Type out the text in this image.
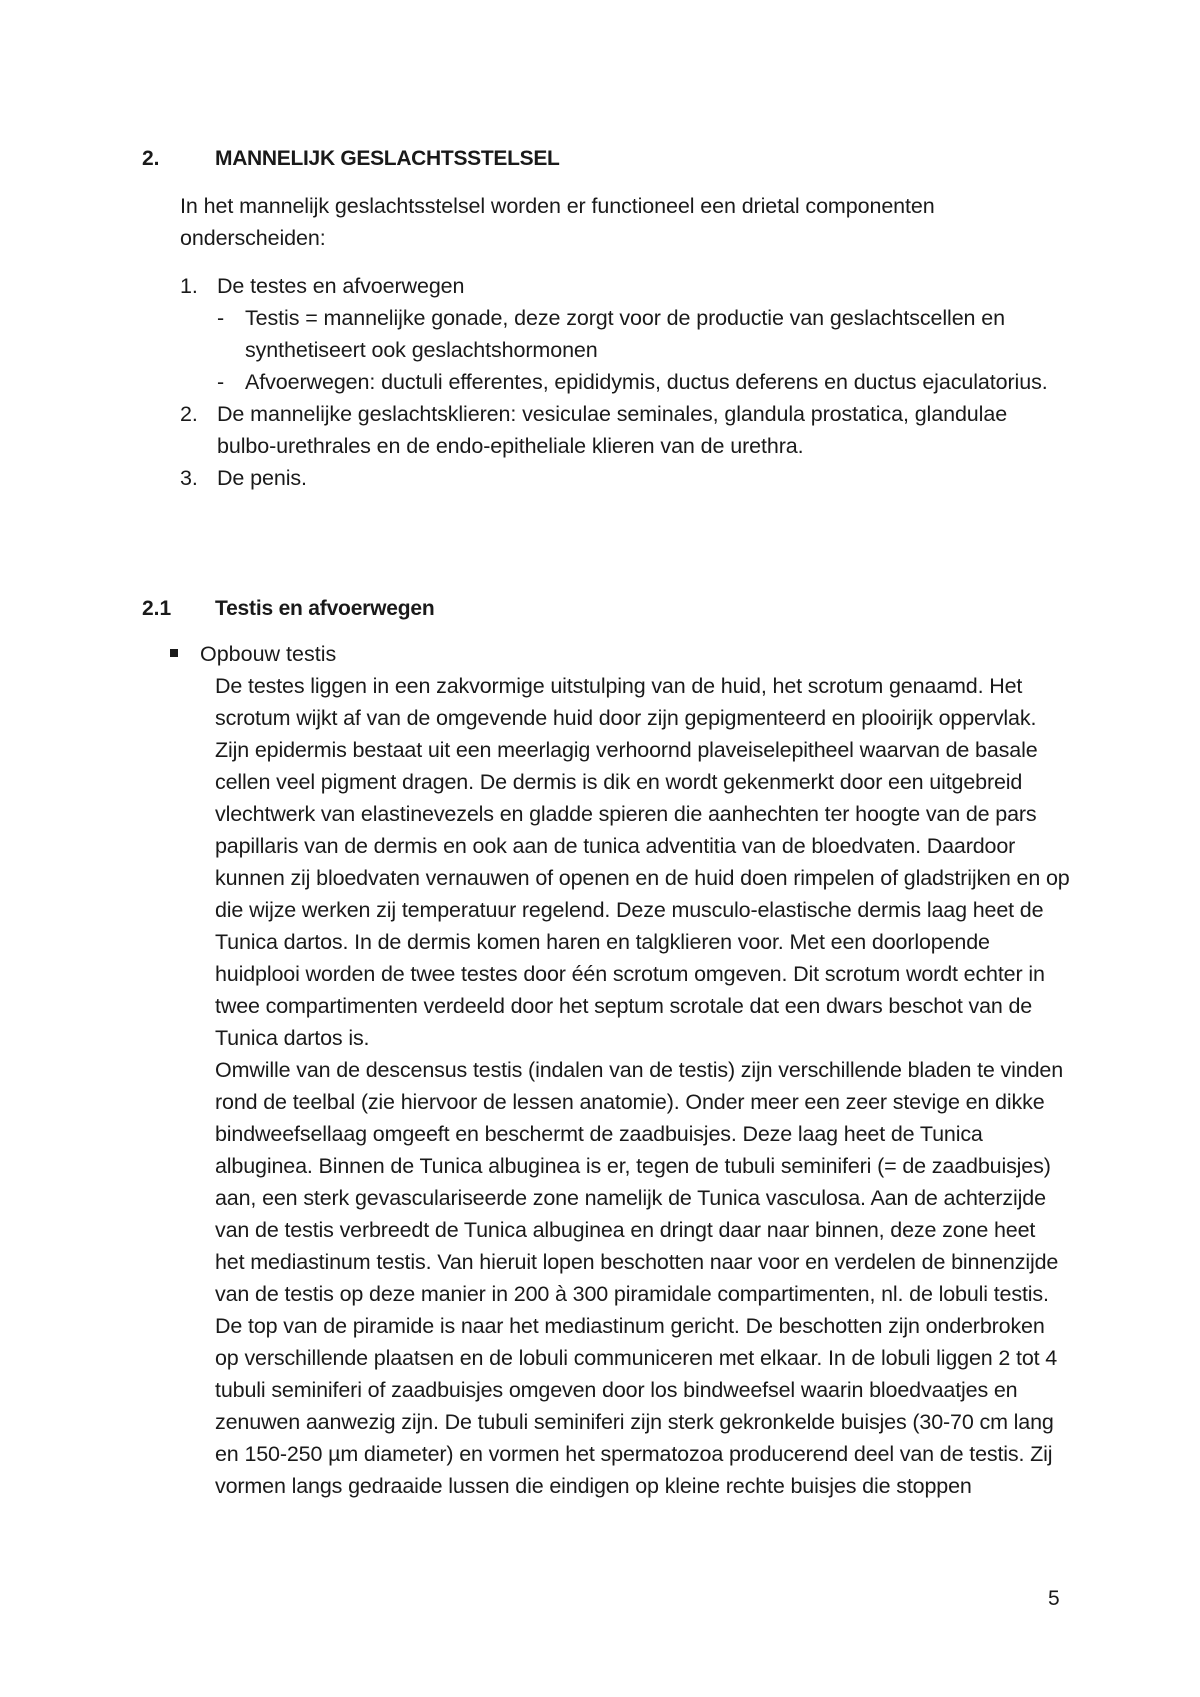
2.	MANNELIJK GESLACHTSSTELSEL
In het mannelijk geslachtsstelsel worden er functioneel een drietal componenten onderscheiden:
1. De testes en afvoerwegen
- Testis = mannelijke gonade, deze zorgt voor de productie van geslachtscellen en synthetiseert ook geslachtshormonen
- Afvoerwegen: ductuli efferentes, epididymis, ductus deferens en ductus ejaculatorius.
2. De mannelijke geslachtsklieren: vesiculae seminales, glandula prostatica, glandulae bulbo-urethrales en de endo-epitheliale klieren van de urethra.
3. De penis.
2.1 Testis en afvoerwegen
Opbouw testis

De testes liggen in een zakvormige uitstulping van de huid, het scrotum genaamd. Het scrotum wijkt af van de omgevende huid door zijn gepigmenteerd en plooirijk oppervlak. Zijn epidermis bestaat uit een meerlagig verhoornd plaveiselepitheel waarvan de basale cellen veel pigment dragen. De dermis is dik en wordt gekenmerkt door een uitgebreid vlechtwerk van elastinevezels en gladde spieren die aanhechten ter hoogte van de pars papillaris van de dermis en ook aan de tunica adventitia van de bloedvaten. Daardoor kunnen zij bloedvaten vernauwen of openen en de huid doen rimpelen of gladstrijken en op die wijze werken zij temperatuur regelend. Deze musculo-elastische dermis laag heet de Tunica dartos. In de dermis komen haren en talgklieren voor. Met een doorlopende huidplooi worden de twee testes door één scrotum omgeven. Dit scrotum wordt echter in twee compartimenten verdeeld door het septum scrotale dat een dwars beschot van de Tunica dartos is.

Omwille van de descensus testis (indalen van de testis) zijn verschillende bladen te vinden rond de teelbal (zie hiervoor de lessen anatomie). Onder meer een zeer stevige en dikke bindweefsellaag omgeeft en beschermt de zaadbuisjes. Deze laag heet de Tunica albuginea. Binnen de Tunica albuginea is er, tegen de tubuli seminiferi (= de zaadbuisjes) aan, een sterk gevasculariseerde zone namelijk de Tunica vasculosa. Aan de achterzijde van de testis verbreedt de Tunica albuginea en dringt daar naar binnen, deze zone heet het mediastinum testis. Van hieruit lopen beschotten naar voor en verdelen de binnenzijde van de testis op deze manier in 200 à 300 piramidale compartimenten, nl. de lobuli testis. De top van de piramide is naar het mediastinum gericht. De beschotten zijn onderbroken op verschillende plaatsen en de lobuli communiceren met elkaar. In de lobuli liggen 2 tot 4 tubuli seminiferi of zaadbuisjes omgeven door los bindweefsel waarin bloedvaatjes en zenuwen aanwezig zijn. De tubuli seminiferi zijn sterk gekronkelde buisjes (30-70 cm lang en 150-250 µm diameter) en vormen het spermatozoa producerend deel van de testis. Zij vormen langs gedraaide lussen die eindigen op kleine rechte buisjes die stoppen

5
